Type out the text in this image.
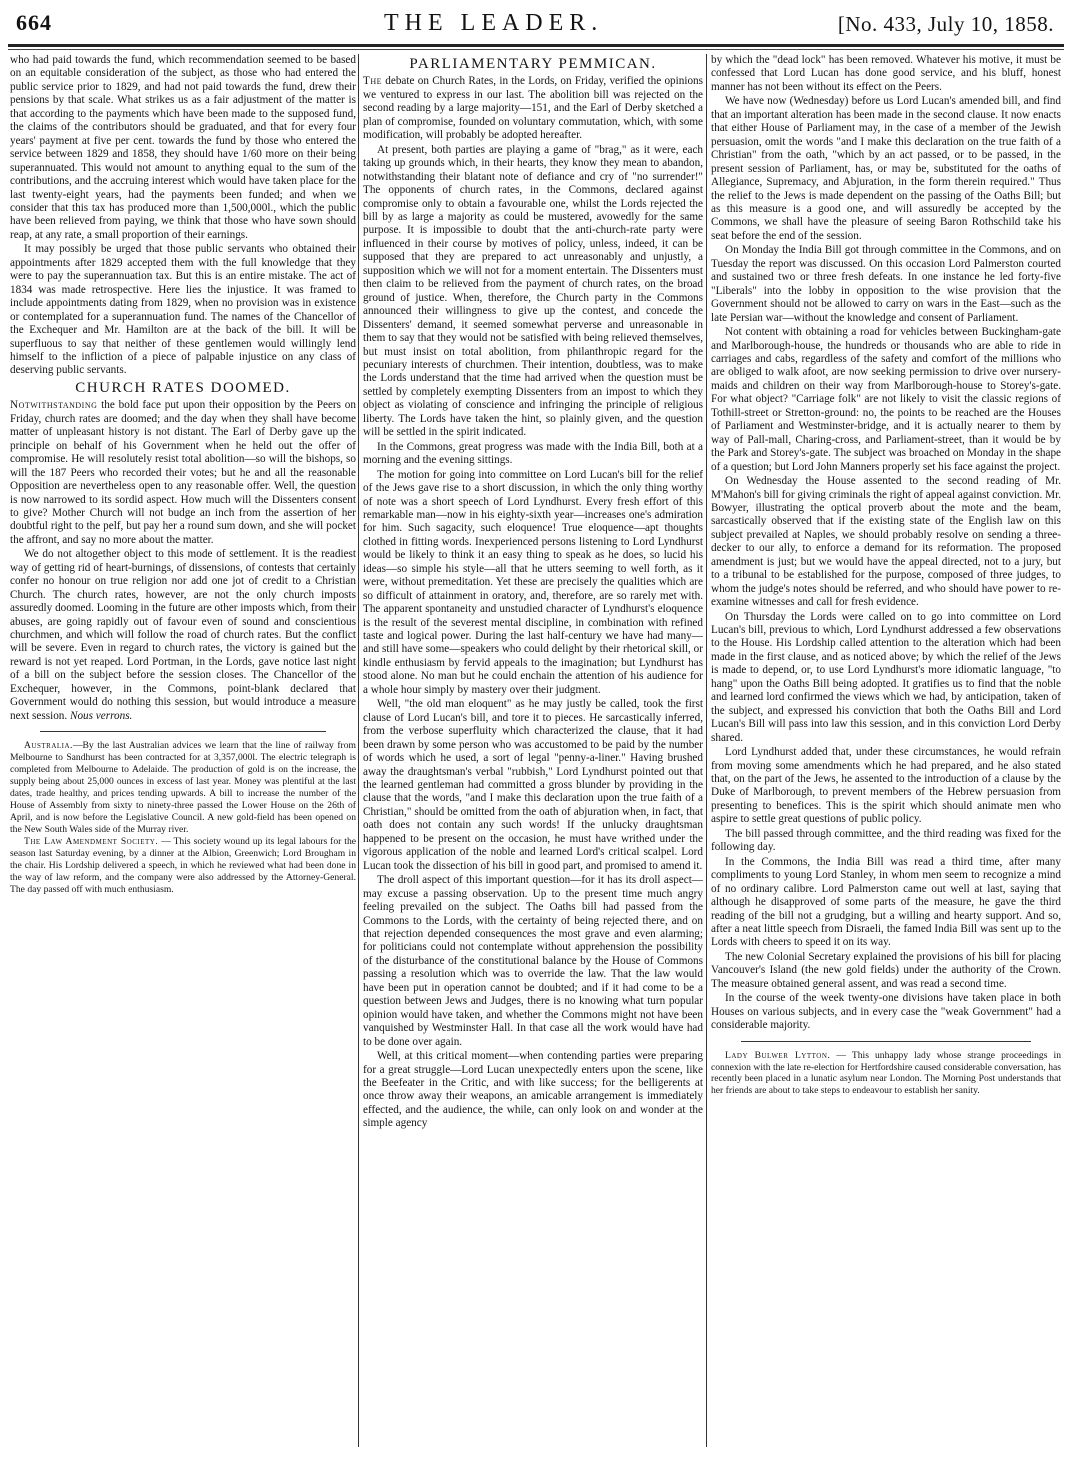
664	THE LEADER.	[No. 433, July 10, 1858.

who had paid towards the fund, which recommendation seemed to be based on an equitable consideration of the subject, as those who had entered the public service prior to 1829, and had not paid towards the fund, drew their pensions by that scale. What strikes us as a fair adjustment of the matter is that according to the payments which have been made to the supposed fund, the claims of the contributors should be graduated, and that for every four years' payment at five per cent. towards the fund by those who entered the service between 1829 and 1858, they should have 1/60 more on their being superannuated. This would not amount to anything equal to the sum of the contributions, and the accruing interest which would have taken place for the last twenty-eight years, had the payments been funded; and when we consider that this tax has produced more than 1,500,000l., which the public have been relieved from paying, we think that those who have sown should reap, at any rate, a small proportion of their earnings.

It may possibly be urged that those public servants who obtained their appointments after 1829 accepted them with the full knowledge that they were to pay the superannuation tax. But this is an entire mistake. The act of 1834 was made retrospective. Here lies the injustice. It was framed to include appointments dating from 1829, when no provision was in existence or contemplated for a superannuation fund. The names of the Chancellor of the Exchequer and Mr. Hamilton are at the back of the bill. It will be superfluous to say that neither of these gentlemen would willingly lend himself to the infliction of a piece of palpable injustice on any class of deserving public servants.

CHURCH RATES DOOMED.

Notwithstanding the bold face put upon their opposition by the Peers on Friday, church rates are doomed; and the day when they shall have become matter of unpleasant history is not distant. The Earl of Derby gave up the principle on behalf of his Government when he held out the offer of compromise. He will resolutely resist total abolition—so will the bishops, so will the 187 Peers who recorded their votes; but he and all the reasonable Opposition are nevertheless open to any reasonable offer. Well, the question is now narrowed to its sordid aspect. How much will the Dissenters consent to give? Mother Church will not budge an inch from the assertion of her doubtful right to the pelf, but pay her a round sum down, and she will pocket the affront, and say no more about the matter.

We do not altogether object to this mode of settlement. It is the readiest way of getting rid of heart-burnings, of dissensions, of contests that certainly confer no honour on true religion nor add one jot of credit to a Christian Church. The church rates, however, are not the only church imposts assuredly doomed. Looming in the future are other imposts which, from their abuses, are going rapidly out of favour even of sound and conscientious churchmen, and which will follow the road of church rates. But the conflict will be severe. Even in regard to church rates, the victory is gained but the reward is not yet reaped. Lord Portman, in the Lords, gave notice last night of a bill on the subject before the session closes. The Chancellor of the Exchequer, however, in the Commons, point-blank declared that Government would do nothing this session, but would introduce a measure next session. Nous verrons.

Australia.—By the last Australian advices we learn that the line of railway from Melbourne to Sandhurst has been contracted for at 3,357,000l. The electric telegraph is completed from Melbourne to Adelaide. The production of gold is on the increase, the supply being about 25,000 ounces in excess of last year. Money was plentiful at the last dates, trade healthy, and prices tending upwards. A bill to increase the number of the House of Assembly from sixty to ninety-three passed the Lower House on the 26th of April, and is now before the Legislative Council. A new gold-field has been opened on the New South Wales side of the Murray river.

The Law Amendment Society. — This society wound up its legal labours for the season last Saturday evening, by a dinner at the Albion, Greenwich; Lord Brougham in the chair. His Lordship delivered a speech, in which he reviewed what had been done in the way of law reform, and the company were also addressed by the Attorney-General. The day passed off with much enthusiasm.

PARLIAMENTARY PEMMICAN.

The debate on Church Rates, in the Lords, on Friday, verified the opinions we ventured to express in our last. The abolition bill was rejected on the second reading by a large majority—151, and the Earl of Derby sketched a plan of compromise, founded on voluntary commutation, which, with some modification, will probably be adopted hereafter.

At present, both parties are playing a game of "brag," as it were, each taking up grounds which, in their hearts, they know they mean to abandon, notwithstanding their blatant note of defiance and cry of "no surrender!" The opponents of church rates, in the Commons, declared against compromise only to obtain a favourable one, whilst the Lords rejected the bill by as large a majority as could be mustered, avowedly for the same purpose. It is impossible to doubt that the anti-church-rate party were influenced in their course by motives of policy, unless, indeed, it can be supposed that they are prepared to act unreasonably and unjustly, a supposition which we will not for a moment entertain. The Dissenters must then claim to be relieved from the payment of church rates, on the broad ground of justice. When, therefore, the Church party in the Commons announced their willingness to give up the contest, and concede the Dissenters' demand, it seemed somewhat perverse and unreasonable in them to say that they would not be satisfied with being relieved themselves, but must insist on total abolition, from philanthropic regard for the pecuniary interests of churchmen. Their intention, doubtless, was to make the Lords understand that the time had arrived when the question must be settled by completely exempting Dissenters from an impost to which they object as violating of conscience and infringing the principle of religious liberty. The Lords have taken the hint, so plainly given, and the question will be settled in the spirit indicated.

In the Commons, great progress was made with the India Bill, both at a morning and the evening sittings.

The motion for going into committee on Lord Lucan's bill for the relief of the Jews gave rise to a short discussion, in which the only thing worthy of note was a short speech of Lord Lyndhurst. Every fresh effort of this remarkable man—now in his eighty-sixth year—increases one's admiration for him. Such sagacity, such eloquence! True eloquence—apt thoughts clothed in fitting words. Inexperienced persons listening to Lord Lyndhurst would be likely to think it an easy thing to speak as he does, so lucid his ideas—so simple his style—all that he utters seeming to well forth, as it were, without premeditation. Yet these are precisely the qualities which are so difficult of attainment in oratory, and, therefore, are so rarely met with. The apparent spontaneity and unstudied character of Lyndhurst's eloquence is the result of the severest mental discipline, in combination with refined taste and logical power. During the last half-century we have had many—and still have some—speakers who could delight by their rhetorical skill, or kindle enthusiasm by fervid appeals to the imagination; but Lyndhurst has stood alone. No man but he could enchain the attention of his audience for a whole hour simply by mastery over their judgment.

Well, "the old man eloquent" as he may justly be called, took the first clause of Lord Lucan's bill, and tore it to pieces. He sarcastically inferred, from the verbose superfluity which characterized the clause, that it had been drawn by some person who was accustomed to be paid by the number of words which he used, a sort of legal "penny-a-liner." Having brushed away the draughtsman's verbal "rubbish," Lord Lyndhurst pointed out that the learned gentleman had committed a gross blunder by providing in the clause that the words, "and I make this declaration upon the true faith of a Christian," should be omitted from the oath of abjuration when, in fact, that oath does not contain any such words! If the unlucky draughtsman happened to be present on the occasion, he must have writhed under the vigorous application of the noble and learned Lord's critical scalpel. Lord Lucan took the dissection of his bill in good part, and promised to amend it.

The droll aspect of this important question—for it has its droll aspect—may excuse a passing observation. Up to the present time much angry feeling prevailed on the subject. The Oaths bill had passed from the Commons to the Lords, with the certainty of being rejected there, and on that rejection depended consequences the most grave and even alarming; for politicians could not contemplate without apprehension the possibility of the disturbance of the constitutional balance by the House of Commons passing a resolution which was to override the law. That the law would have been put in operation cannot be doubted; and if it had come to be a question between Jews and Judges, there is no knowing what turn popular opinion would have taken, and whether the Commons might not have been vanquished by Westminster Hall. In that case all the work would have had to be done over again.

Well, at this critical moment—when contending parties were preparing for a great struggle—Lord Lucan unexpectedly enters upon the scene, like the Beefeater in the Critic, and with like success; for the belligerents at once throw away their weapons, an amicable arrangement is immediately effected, and the audience, the while, can only look on and wonder at the simple agency

by which the "dead lock" has been removed. Whatever his motive, it must be confessed that Lord Lucan has done good service, and his bluff, honest manner has not been without its effect on the Peers.

We have now (Wednesday) before us Lord Lucan's amended bill, and find that an important alteration has been made in the second clause. It now enacts that either House of Parliament may, in the case of a member of the Jewish persuasion, omit the words "and I make this declaration on the true faith of a Christian" from the oath, "which by an act passed, or to be passed, in the present session of Parliament, has, or may be, substituted for the oaths of Allegiance, Supremacy, and Abjuration, in the form therein required." Thus the relief to the Jews is made dependent on the passing of the Oaths Bill; but as this measure is a good one, and will assuredly be accepted by the Commons, we shall have the pleasure of seeing Baron Rothschild take his seat before the end of the session.

On Monday the India Bill got through committee in the Commons, and on Tuesday the report was discussed. On this occasion Lord Palmerston courted and sustained two or three fresh defeats. In one instance he led forty-five "Liberals" into the lobby in opposition to the wise provision that the Government should not be allowed to carry on wars in the East—such as the late Persian war—without the knowledge and consent of Parliament.

Not content with obtaining a road for vehicles between Buckingham-gate and Marlborough-house, the hundreds or thousands who are able to ride in carriages and cabs, regardless of the safety and comfort of the millions who are obliged to walk afoot, are now seeking permission to drive over nursery-maids and children on their way from Marlborough-house to Storey's-gate. For what object? "Carriage folk" are not likely to visit the classic regions of Tothill-street or Stretton-ground: no, the points to be reached are the Houses of Parliament and Westminster-bridge, and it is actually nearer to them by way of Pall-mall, Charing-cross, and Parliament-street, than it would be by the Park and Storey's-gate. The subject was broached on Monday in the shape of a question; but Lord John Manners properly set his face against the project.

On Wednesday the House assented to the second reading of Mr. M'Mahon's bill for giving criminals the right of appeal against conviction. Mr. Bowyer, illustrating the optical proverb about the mote and the beam, sarcastically observed that if the existing state of the English law on this subject prevailed at Naples, we should probably resolve on sending a three-decker to our ally, to enforce a demand for its reformation. The proposed amendment is just; but we would have the appeal directed, not to a jury, but to a tribunal to be established for the purpose, composed of three judges, to whom the judge's notes should be referred, and who should have power to re-examine witnesses and call for fresh evidence.

On Thursday the Lords were called on to go into committee on Lord Lucan's bill, previous to which, Lord Lyndhurst addressed a few observations to the House. His Lordship called attention to the alteration which had been made in the first clause, and as noticed above; by which the relief of the Jews is made to depend, or, to use Lord Lyndhurst's more idiomatic language, "to hang" upon the Oaths Bill being adopted. It gratifies us to find that the noble and learned lord confirmed the views which we had, by anticipation, taken of the subject, and expressed his conviction that both the Oaths Bill and Lord Lucan's Bill will pass into law this session, and in this conviction Lord Derby shared.

Lord Lyndhurst added that, under these circumstances, he would refrain from moving some amendments which he had prepared, and he also stated that, on the part of the Jews, he assented to the introduction of a clause by the Duke of Marlborough, to prevent members of the Hebrew persuasion from presenting to benefices. This is the spirit which should animate men who aspire to settle great questions of public policy.

The bill passed through committee, and the third reading was fixed for the following day.

In the Commons, the India Bill was read a third time, after many compliments to young Lord Stanley, in whom men seem to recognize a mind of no ordinary calibre. Lord Palmerston came out well at last, saying that although he disapproved of some parts of the measure, he gave the third reading of the bill not a grudging, but a willing and hearty support. And so, after a neat little speech from Disraeli, the famed India Bill was sent up to the Lords with cheers to speed it on its way.

The new Colonial Secretary explained the provisions of his bill for placing Vancouver's Island (the new gold fields) under the authority of the Crown. The measure obtained general assent, and was read a second time.

In the course of the week twenty-one divisions have taken place in both Houses on various subjects, and in every case the "weak Government" had a considerable majority.

Lady Bulwer Lytton. — This unhappy lady whose strange proceedings in connexion with the late re-election for Hertfordshire caused considerable conversation, has recently been placed in a lunatic asylum near London. The Morning Post understands that her friends are about to take steps to endeavour to establish her sanity.
